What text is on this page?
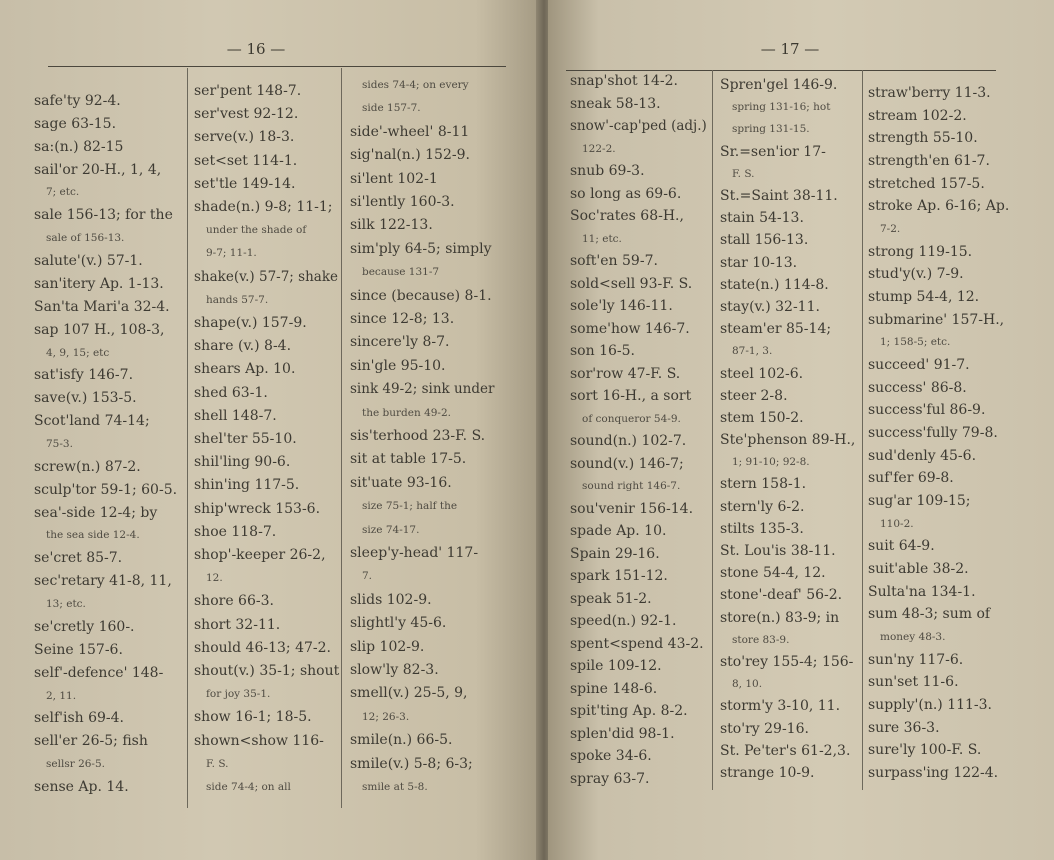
— 16 —
safe'ty 92-4.
sage 63-15.
sa:(n.) 82-15
sail'or 20-H., 1, 4,
7; etc.
sale 156-13; for the
sale of 156-13.
salute'(v.) 57-1.
san'itery Ap. 1-13.
San'ta Mari'a 32-4.
sap 107 H., 108-3,
4, 9, 15; etc
sat'isfy 146-7.
save(v.) 153-5.
Scot'land 74-14;
75-3.
screw(n.) 87-2.
sculp'tor 59-1; 60-5.
sea'-side 12-4; by
the sea side 12-4.
se'cret 85-7.
sec'retary 41-8, 11,
13; etc.
se'cretly 160-.
Seine 157-6.
self'-defence' 148-
2, 11.
self'ish 69-4.
sell'er 26-5; fish
sellsr 26-5.
sense Ap. 14.
ser'pent 148-7.
ser'vest 92-12.
serve(v.) 18-3.
set<set 114-1.
set'tle 149-14.
shade(n.) 9-8; 11-1;
under the shade of
9-7; 11-1.
shake(v.) 57-7; shake
hands 57-7.
shape(v.) 157-9.
share (v.) 8-4.
shears Ap. 10.
shed 63-1.
shell 148-7.
shel'ter 55-10.
shil'ling 90-6.
shin'ing 117-5.
ship'wreck 153-6.
shoe 118-7.
shop'-keeper 26-2,
12.
shore 66-3.
short 32-11.
should 46-13; 47-2.
shout(v.) 35-1; shout
for joy 35-1.
show 16-1; 18-5.
shown<show 116-
F. S.
side 74-4; on all
sides 74-4; on every
side 157-7.
side'-wheel' 8-11
sig'nal(n.) 152-9.
si'lent 102-1
si'lently 160-3.
silk 122-13.
sim'ply 64-5; simply
because 131-7
since (because) 8-1.
since 12-8; 13.
sincere'ly 8-7.
sin'gle 95-10.
sink 49-2; sink under
the burden 49-2.
sis'terhood 23-F. S.
sit at table 17-5.
sit'uate 93-16.
size 75-1; half the
size 74-17.
sleep'y-head' 117-
7.
slids 102-9.
slightl'y 45-6.
slip 102-9.
slow'ly 82-3.
smell(v.) 25-5, 9,
12; 26-3.
smile(n.) 66-5.
smile(v.) 5-8; 6-3;
smile at 5-8.
— 17 —
snap'shot 14-2.
sneak 58-13.
snow'-cap'ped (adj.)
122-2.
snub 69-3.
so long as 69-6.
Soc'rates 68-H.,
11; etc.
soft'en 59-7.
sold<sell 93-F. S.
sole'ly 146-11.
some'how 146-7.
son 16-5.
sor'row 47-F. S.
sort 16-H., a sort
of conqueror 54-9.
sound(n.) 102-7.
sound(v.) 146-7;
sound right 146-7.
sou'venir 156-14.
spade Ap. 10.
Spain 29-16.
spark 151-12.
speak 51-2.
speed(n.) 92-1.
spent<spend 43-2.
spile 109-12.
spine 148-6.
spit'ting Ap. 8-2.
splen'did 98-1.
spoke 34-6.
spray 63-7.
Spren'gel 146-9.
spring 131-16; hot
spring 131-15.
Sr.=sen'ior 17-
F. S.
St.=Saint 38-11.
stain 54-13.
stall 156-13.
star 10-13.
state(n.) 114-8.
stay(v.) 32-11.
steam'er 85-14;
87-1, 3.
steel 102-6.
steer 2-8.
stem 150-2.
Ste'phenson 89-H.,
1; 91-10; 92-8.
stern 158-1.
stern'ly 6-2.
stilts 135-3.
St. Lou'is 38-11.
stone 54-4, 12.
stone'-deaf' 56-2.
store(n.) 83-9; in
store 83-9.
sto'rey 155-4; 156-
8, 10.
storm'y 3-10, 11.
sto'ry 29-16.
St. Pe'ter's 61-2,3.
strange 10-9.
straw'berry 11-3.
stream 102-2.
strength 55-10.
strength'en 61-7.
stretched 157-5.
stroke Ap. 6-16; Ap.
7-2.
strong 119-15.
stud'y(v.) 7-9.
stump 54-4, 12.
submarine' 157-H.,
1; 158-5; etc.
succeed' 91-7.
success' 86-8.
success'ful 86-9.
success'fully 79-8.
sud'denly 45-6.
suf'fer 69-8.
sug'ar 109-15;
110-2.
suit 64-9.
suit'able 38-2.
Sulta'na 134-1.
sum 48-3; sum of
money 48-3.
sun'ny 117-6.
sun'set 11-6.
supply'(n.) 111-3.
sure 36-3.
sure'ly 100-F. S.
surpass'ing 122-4.
